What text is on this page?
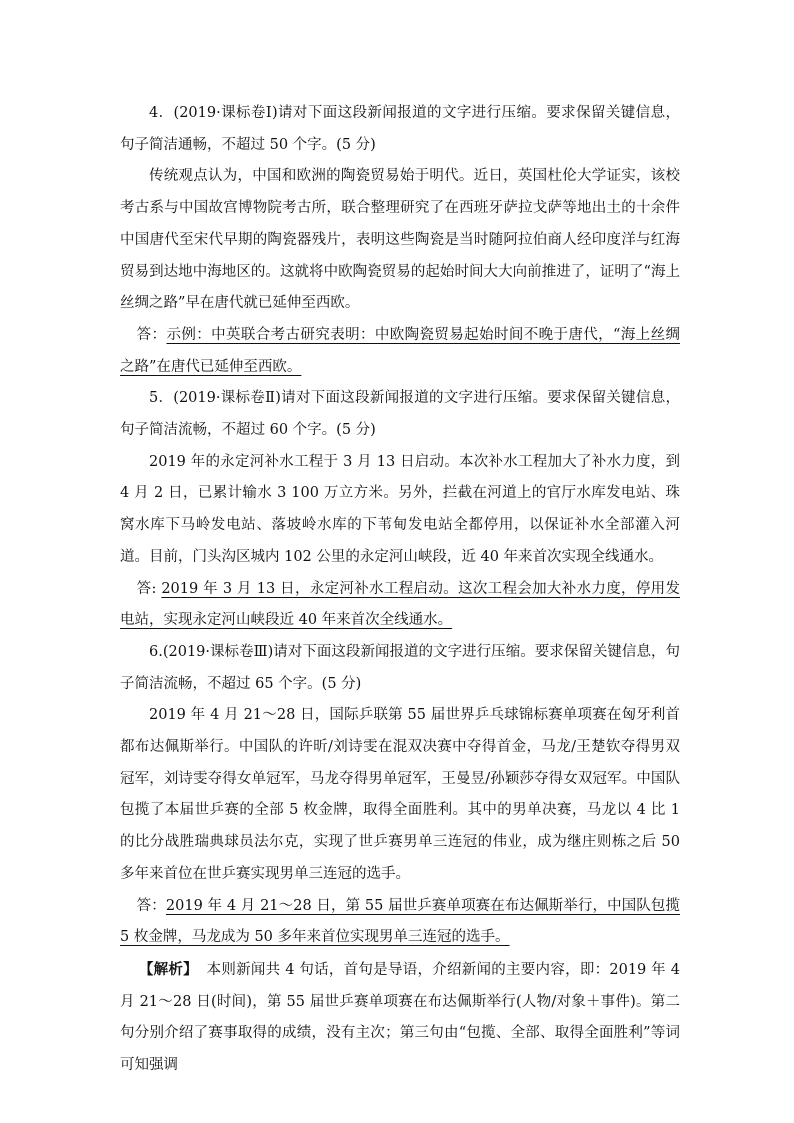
4．(2019·课标卷Ⅰ)请对下面这段新闻报道的文字进行压缩。要求保留关键信息，句子简洁通畅，不超过 50 个字。(5 分)

传统观点认为，中国和欧洲的陶瓷贸易始于明代。近日，英国杜伦大学证实，该校考古系与中国故宫博物院考古所，联合整理研究了在西班牙萨拉戈萨等地出土的十余件中国唐代至宋代早期的陶瓷器残片，表明这些陶瓷是当时随阿拉伯商人经印度洋与红海贸易到达地中海地区的。这就将中欧陶瓷贸易的起始时间大大向前推进了，证明了“海上丝绸之路”早在唐代就已延伸至西欧。

答：示例：中英联合考古研究表明：中欧陶瓷贸易起始时间不晚于唐代，“海上丝绸之路”在唐代已延伸至西欧。

5．(2019·课标卷Ⅱ)请对下面这段新闻报道的文字进行压缩。要求保留关键信息，句子简洁流畅，不超过 60 个字。(5 分)

2019 年的永定河补水工程于 3 月 13 日启动。本次补水工程加大了补水力度，到 4 月 2 日，已累计输水 3 100 万立方米。另外，拦截在河道上的官厅水库发电站、珠窝水库下马岭发电站、落坡岭水库的下苇甸发电站全都停用，以保证补水全部灌入河道。目前，门头沟区城内 102 公里的永定河山峡段，近 40 年来首次实现全线通水。

答: 2019 年 3 月 13 日，永定河补水工程启动。这次工程会加大补水力度，停用发电站，实现永定河山峡段近 40 年来首次全线通水。

6.(2019·课标卷Ⅲ)请对下面这段新闻报道的文字进行压缩。要求保留关键信息，句子简洁流畅，不超过 65 个字。(5 分)

2019 年 4 月 21～28 日，国际乒联第 55 届世界乒乓球锦标赛单项赛在匈牙利首都布达佩斯举行。中国队的许昕/刘诗雯在混双决赛中夺得首金，马龙/王楚钦夺得男双冠军，刘诗雯夺得女单冠军，马龙夺得男单冠军，王曼昱/孙颖莎夺得女双冠军。中国队包揽了本届世乒赛的全部 5 枚金牌，取得全面胜利。其中的男单决赛，马龙以 4 比 1 的比分战胜瑞典球员法尔克，实现了世乒赛男单三连冠的伟业，成为继庄则栋之后 50 多年来首位在世乒赛实现男单三连冠的选手。

答：2019 年 4 月 21～28 日，第 55 届世乒赛单项赛在布达佩斯举行，中国队包揽 5 枚金牌，马龙成为 50 多年来首位实现男单三连冠的选手。

【解析】 本则新闻共 4 句话，首句是导语，介绍新闻的主要内容，即：2019 年 4 月 21～28 日(时间)，第 55 届世乒赛单项赛在布达佩斯举行(人物/对象＋事件)。第二句分别介绍了赛事取得的成绩，没有主次；第三句由“包揽、全部、取得全面胜利”等词可知强调
